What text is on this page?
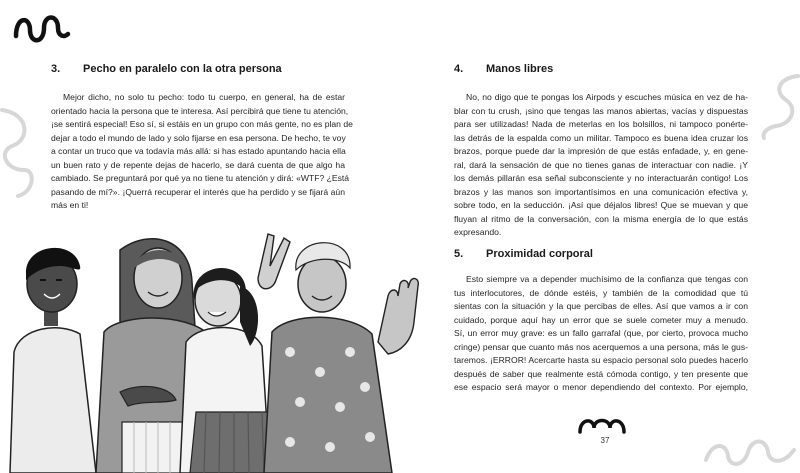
3. Pecho en paralelo con la otra persona
Mejor dicho, no solo tu pecho: todo tu cuerpo, en general, ha de estar
orientado hacia la persona que te interesa. Así percibirá que tiene tu atención,
¡se sentirá especial! Eso sí, si estáis en un grupo con más gente, no es plan de
dejar a todo el mundo de lado y solo fijarse en esa persona. De hecho, te voy
a contar un truco que va todavía más allá: si has estado apuntando hacia ella
un buen rato y de repente dejas de hacerlo, se dará cuenta de que algo ha
cambiado. Se preguntará por qué ya no tiene tu atención y dirá: «WTF? ¿Está
pasando de mí?». ¡Querrá recuperar el interés que ha perdido y se fijará aún
más en ti!
4. Manos libres
No, no digo que te pongas los Airpods y escuches música en vez de ha-
blar con tu crush, ¡sino que tengas las manos abiertas, vacías y dispuestas
para ser utilizadas! Nada de meterlas en los bolsillos, ni tampoco ponérte-
las detrás de la espalda como un militar. Tampoco es buena idea cruzar los
brazos, porque puede dar la impresión de que estás enfadade, y, en gene-
ral, dará la sensación de que no tienes ganas de interactuar con nadie. ¡Y
los demás pillarán esa señal subconsciente y no interactuarán contigo! Los
brazos y las manos son importantísimos en una comunicación efectiva y,
sobre todo, en la seducción. ¡Así que déjalos libres! Que se muevan y que
fluyan al ritmo de la conversación, con la misma energía de lo que estás
expresando.
5. Proximidad corporal
Esto siempre va a depender muchísimo de la confianza que tengas con
tus interlocutores, de dónde estéis, y también de la comodidad que tú
sientas con la situación y la que percibas de elles. Así que vamos a ir con
cuidado, porque aquí hay un error que se suele cometer muy a menudo.
Sí, un error muy grave: es un fallo garrafal (que, por cierto, provoca mucho
cringe) pensar que cuanto más nos acerquemos a una persona, más le gus-
taremos. ¡ERROR! Acercarte hasta su espacio personal solo puedes hacerlo
después de saber que realmente está cómoda contigo, y ten presente que
ese espacio será mayor o menor dependiendo del contexto. Por ejemplo,
37
